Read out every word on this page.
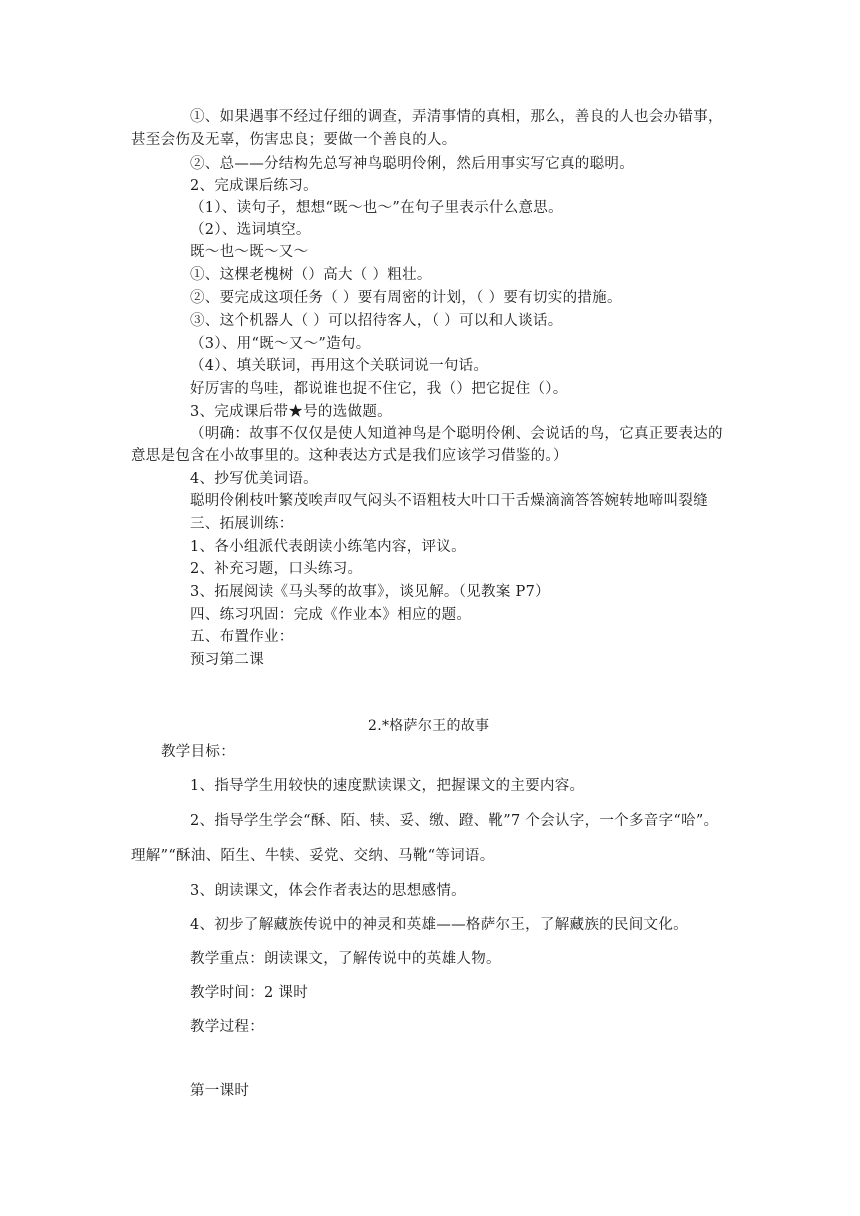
①、如果遇事不经过仔细的调查，弄清事情的真相，那么，善良的人也会办错事，
甚至会伤及无辜，伤害忠良；要做一个善良的人。
②、总——分结构先总写神鸟聪明伶俐，然后用事实写它真的聪明。
2、完成课后练习。
（1）、读句子，想想“既～也～”在句子里表示什么意思。
（2）、选词填空。
既～也～既～又～
①、这棵老槐树（）高大（ ）粗壮。
②、要完成这项任务（ ）要有周密的计划，（ ）要有切实的措施。
③、这个机器人（ ）可以招待客人，（ ）可以和人谈话。
（3）、用“既～又～”造句。
（4）、填关联词，再用这个关联词说一句话。
好厉害的鸟哇，都说谁也捉不住它，我（）把它捉住（）。
3、完成课后带★号的选做题。
（明确：故事不仅仅是使人知道神鸟是个聪明伶俐、会说话的鸟，它真正要表达的
意思是包含在小故事里的。这种表达方式是我们应该学习借鉴的。）
4、抄写优美词语。
聪明伶俐枝叶繁茂唉声叹气闷头不语粗枝大叶口干舌燥滴滴答答婉转地啼叫裂缝
三、拓展训练：
1、各小组派代表朗读小练笔内容，评议。
2、补充习题，口头练习。
3、拓展阅读《马头琴的故事》，谈见解。（见教案 P7）
四、练习巩固：完成《作业本》相应的题。
五、布置作业：
预习第二课
2.*格萨尔王的故事
教学目标：
1、指导学生用较快的速度默读课文，把握课文的主要内容。
2、指导学生学会“酥、陌、犊、妥、缴、蹬、靴”7 个会认字，一个多音字“哈”。
理解”“酥油、陌生、牛犊、妥党、交纳、马靴“等词语。
3、朗读课文，体会作者表达的思想感情。
4、初步了解藏族传说中的神灵和英雄——格萨尔王，了解藏族的民间文化。
教学重点：朗读课文，了解传说中的英雄人物。
教学时间：2 课时
教学过程：
第一课时
